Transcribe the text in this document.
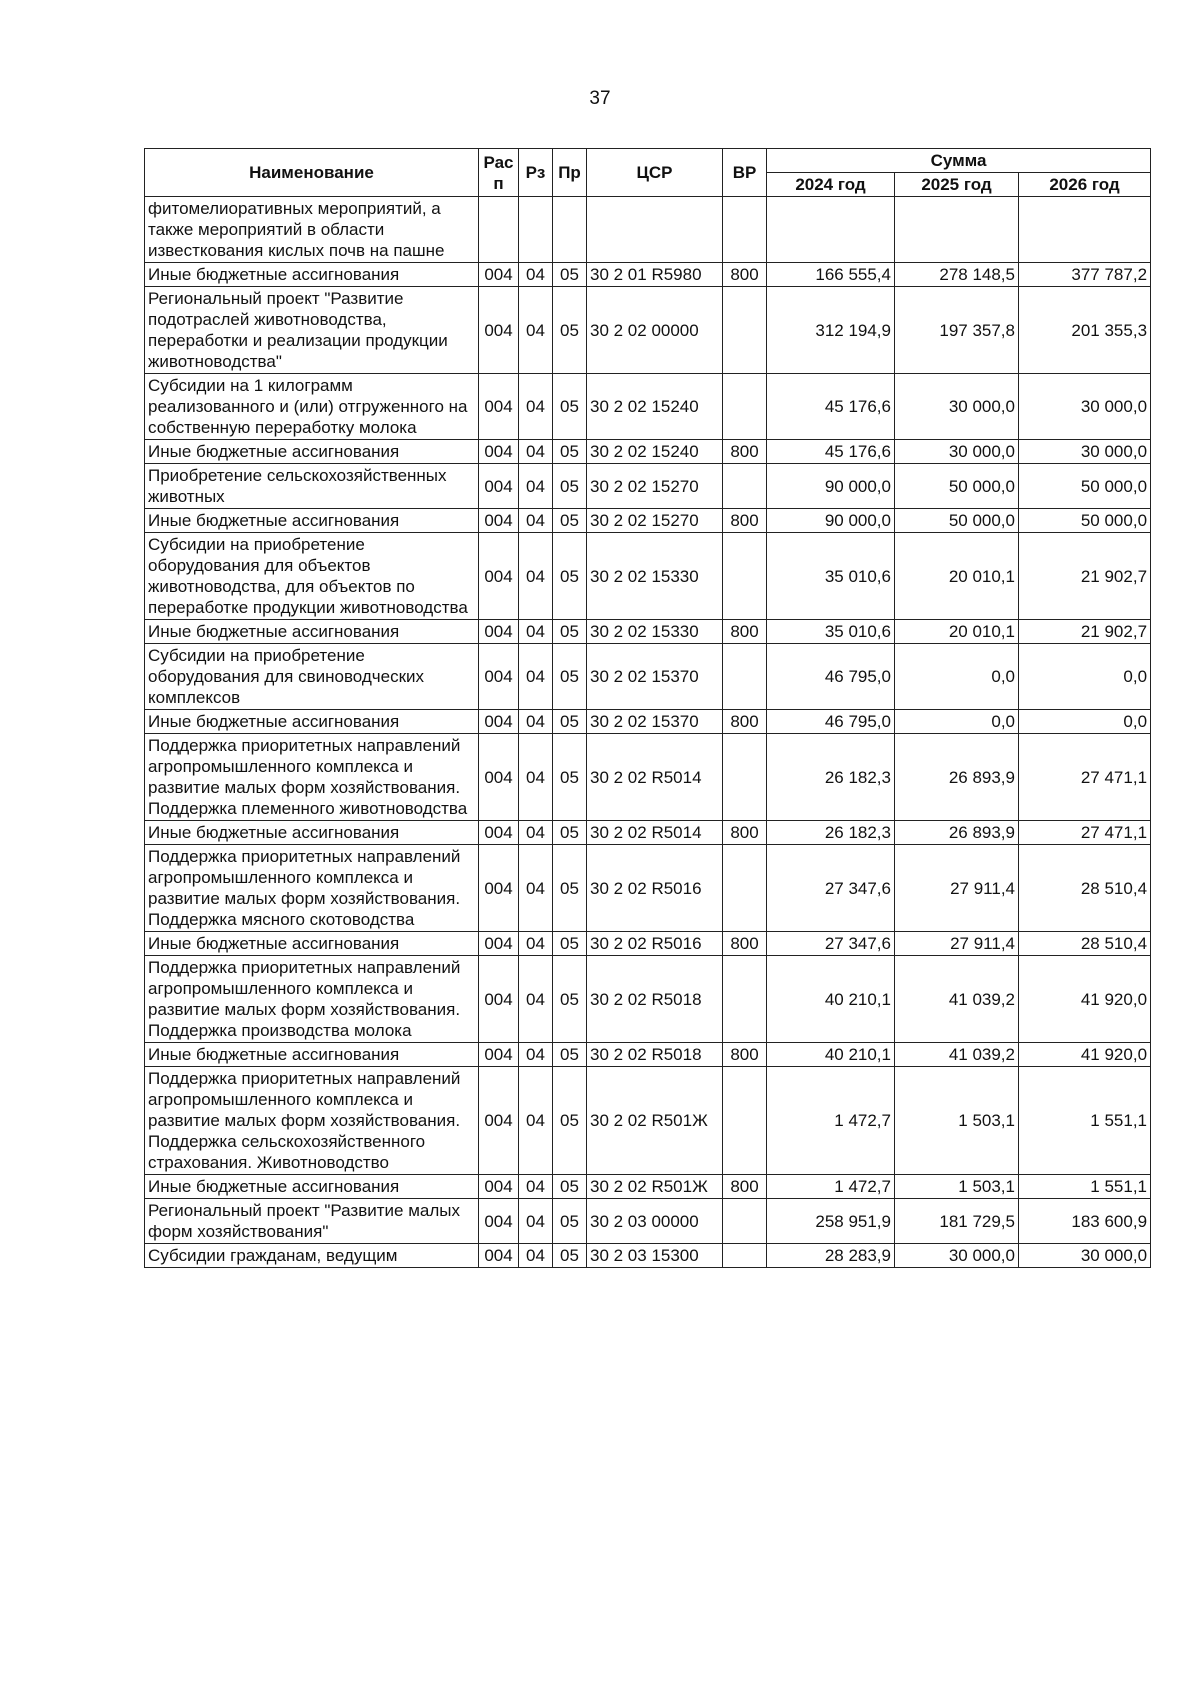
37
Наименование	Рас
п	Рз	Пр	ЦСР	ВР	Сумма		
						2024 год	2025 год	2026 год
фитомелиоративных мероприятий, а также мероприятий в области известкования кислых почв на пашне								
Иные бюджетные ассигнования	004	04	05	30 2 01 R5980	800	166 555,4	278 148,5	377 787,2
Региональный проект "Развитие подотраслей животноводства, переработки и реализации продукции животноводства"	004	04	05	30 2 02 00000		312 194,9	197 357,8	201 355,3
Субсидии на 1 килограмм реализованного и (или) отгруженного на собственную переработку молока	004	04	05	30 2 02 15240		45 176,6	30 000,0	30 000,0
Иные бюджетные ассигнования	004	04	05	30 2 02 15240	800	45 176,6	30 000,0	30 000,0
Приобретение сельскохозяйственных животных	004	04	05	30 2 02 15270		90 000,0	50 000,0	50 000,0
Иные бюджетные ассигнования	004	04	05	30 2 02 15270	800	90 000,0	50 000,0	50 000,0
Субсидии на приобретение оборудования для объектов животноводства, для объектов по переработке продукции животноводства	004	04	05	30 2 02 15330		35 010,6	20 010,1	21 902,7
Иные бюджетные ассигнования	004	04	05	30 2 02 15330	800	35 010,6	20 010,1	21 902,7
Субсидии на приобретение оборудования для свиноводческих комплексов	004	04	05	30 2 02 15370		46 795,0	0,0	0,0
Иные бюджетные ассигнования	004	04	05	30 2 02 15370	800	46 795,0	0,0	0,0
Поддержка приоритетных направлений агропромышленного комплекса и развитие малых форм хозяйствования. Поддержка племенного животноводства	004	04	05	30 2 02 R5014		26 182,3	26 893,9	27 471,1
Иные бюджетные ассигнования	004	04	05	30 2 02 R5014	800	26 182,3	26 893,9	27 471,1
Поддержка приоритетных направлений агропромышленного комплекса и развитие малых форм хозяйствования. Поддержка мясного скотоводства	004	04	05	30 2 02 R5016		27 347,6	27 911,4	28 510,4
Иные бюджетные ассигнования	004	04	05	30 2 02 R5016	800	27 347,6	27 911,4	28 510,4
Поддержка приоритетных направлений агропромышленного комплекса и развитие малых форм хозяйствования. Поддержка производства молока	004	04	05	30 2 02 R5018		40 210,1	41 039,2	41 920,0
Иные бюджетные ассигнования	004	04	05	30 2 02 R5018	800	40 210,1	41 039,2	41 920,0
Поддержка приоритетных направлений агропромышленного комплекса и развитие малых форм хозяйствования. Поддержка сельскохозяйственного страхования. Животноводство	004	04	05	30 2 02 R501Ж		1 472,7	1 503,1	1 551,1
Иные бюджетные ассигнования	004	04	05	30 2 02 R501Ж	800	1 472,7	1 503,1	1 551,1
Региональный проект "Развитие малых форм хозяйствования"	004	04	05	30 2 03 00000		258 951,9	181 729,5	183 600,9
Субсидии гражданам, ведущим	004	04	05	30 2 03 15300		28 283,9	30 000,0	30 000,0
